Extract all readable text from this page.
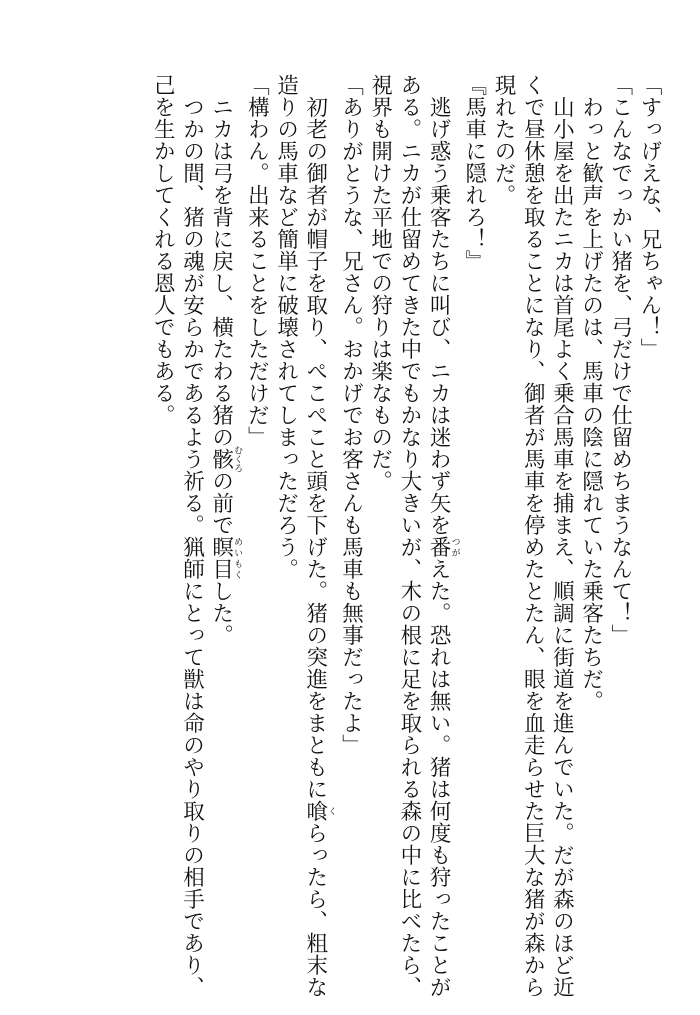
「すっげえな、兄ちゃん！」
「こんなでっかい猪を、弓だけで仕留めちまうなんて！」
わっと歓声を上げたのは、馬車の陰に隠れていた乗客たちだ。
山小屋を出たニカは首尾よく乗合馬車を捕まえ、順調に街道を進んでいた。だが森のほど近
くで昼休憩を取ることになり、御者が馬車を停めたとたん、眼を血走らせた巨大な猪が森から
現れたのだ。
『馬車に隠れろ！』
逃げ惑う乗客たちに叫び、ニカは迷わず矢を番つがえた。恐れは無い。猪は何度も狩ったことが
ある。ニカが仕留めてきた中でもかなり大きいが、木の根に足を取られる森の中に比べたら、
視界も開けた平地での狩りは楽なものだ。
「ありがとうな、兄さん。おかげでお客さんも馬車も無事だったよ」
初老の御者が帽子を取り、ぺこぺこと頭を下げた。猪の突進をまともに喰くらったら、粗末な
造りの馬車など簡単に破壊されてしまっただろう。
「構わん。出来ることをしただけだ」
ニカは弓を背に戻し、横たわる猪の骸むくろの前で瞑目めいもくした。
つかの間、猪の魂が安らかであるよう祈る。猟師にとって獣は命のやり取りの相手であり、
己を生かしてくれる恩人でもある。
